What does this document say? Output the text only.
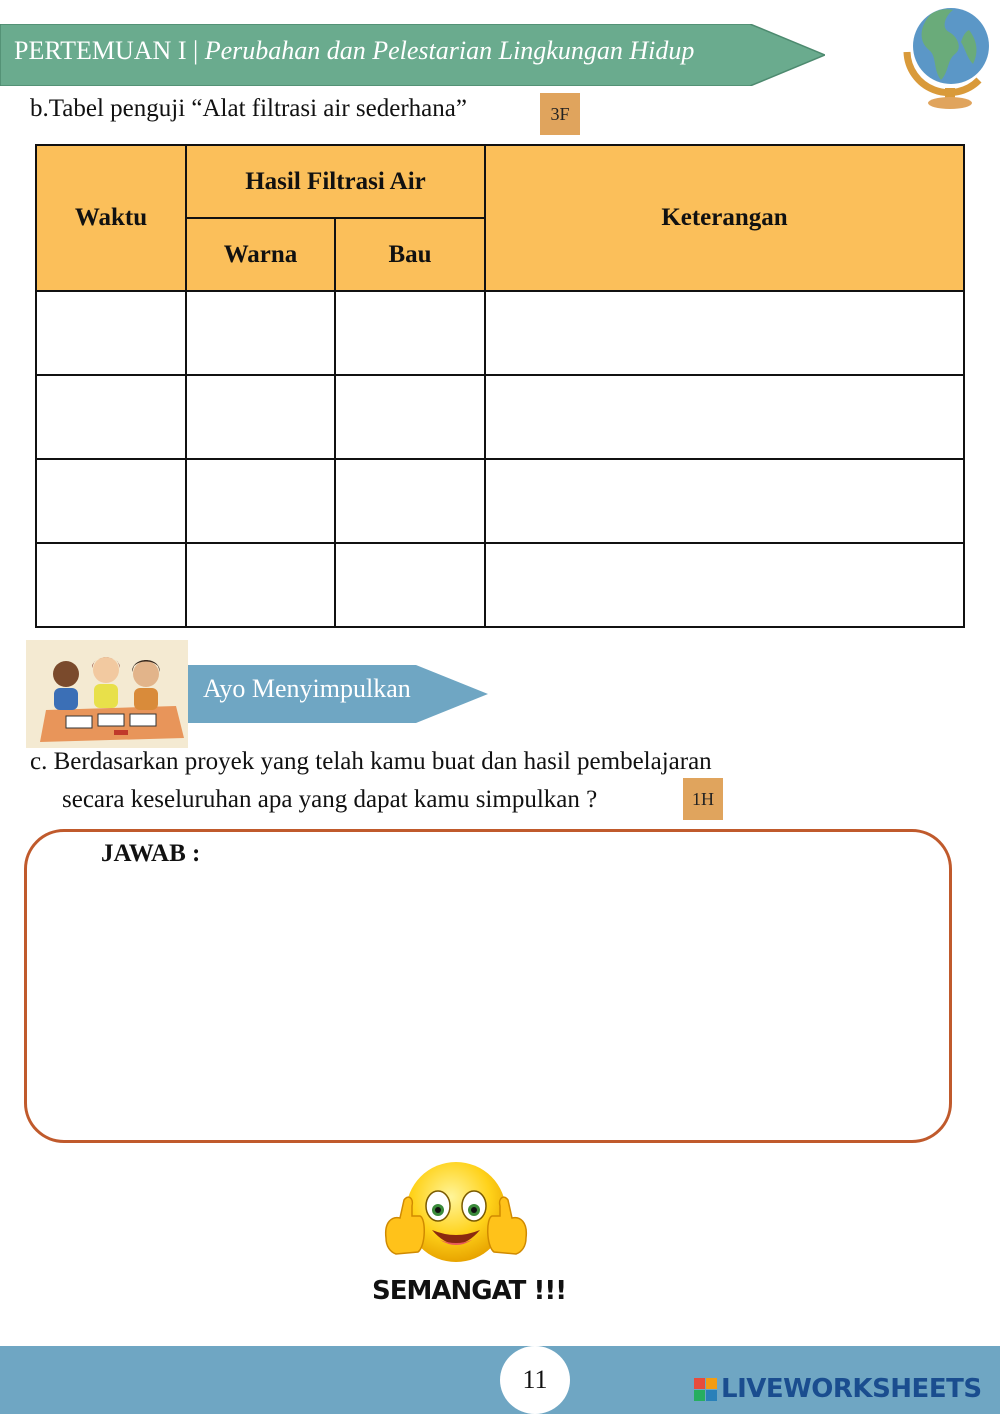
PERTEMUAN I | Perubahan dan Pelestarian Lingkungan Hidup
b.Tabel penguji “Alat filtrasi air sederhana”	3F
Waktu	Hasil Filtrasi Air		Keterangan
	Warna	Bau	

Ayo Menyimpulkan
c. Berdasarkan proyek yang telah kamu buat dan hasil pembelajaran
secara keseluruhan apa yang dapat kamu simpulkan ?	1H
JAWAB :
SEMANGAT !!!
11	LIVEWORKSHEETS
